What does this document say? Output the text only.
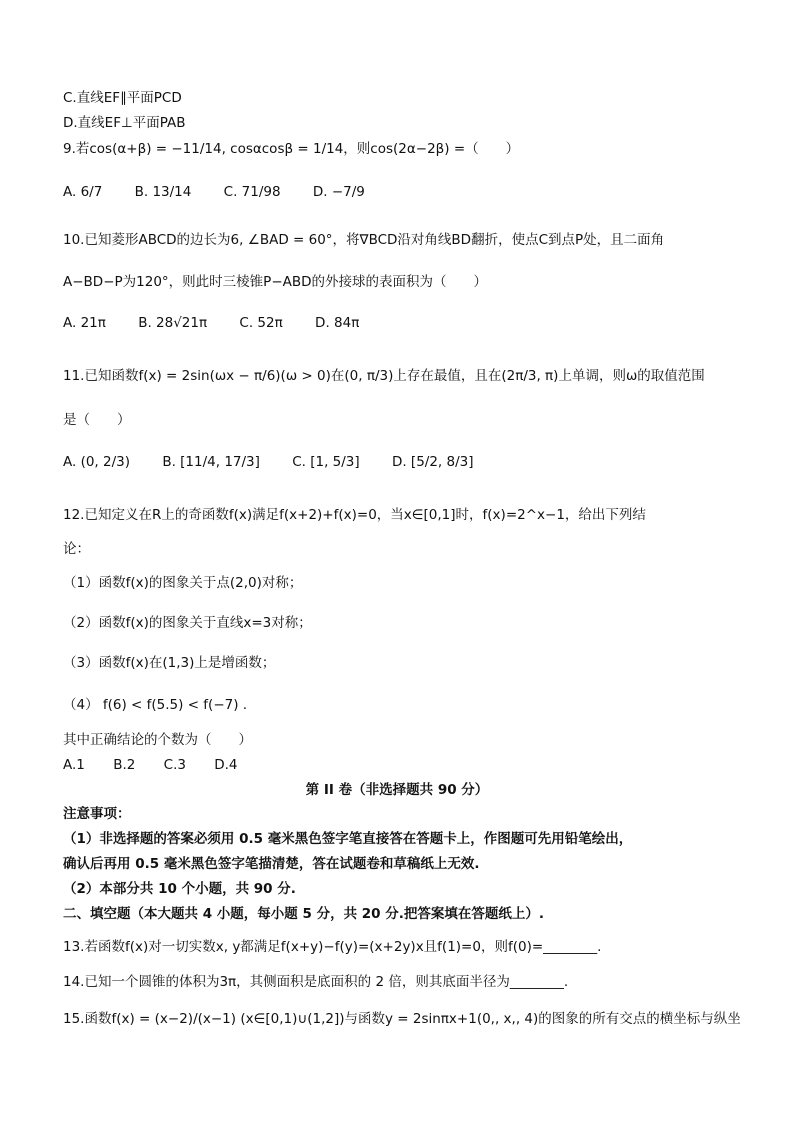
C.直线EF∥平面PCD
D.直线EF⊥平面PAB
9.若cos(α+β) = −11/14, cosαcosβ = 1/14，则cos(2α−2β) =（　　）
A. 6/7 B. 13/14 C. 71/98 D. −7/9
10.已知菱形ABCD的边长为6, ∠BAD = 60°，将∇BCD沿对角线BD翻折，使点C到点P处，且二面角
A−BD−P为120°，则此时三棱锥P−ABD的外接球的表面积为（　　）
A. 21π B. 28√21π C. 52π D. 84π
11.已知函数f(x) = 2sin(ωx − π/6)(ω > 0)在(0, π/3)上存在最值，且在(2π/3, π)上单调，则ω的取值范围
是（　　）
A. (0, 2/3) B. [11/4, 17/3] C. [1, 5/3] D. [5/2, 8/3]
12.已知定义在R上的奇函数f(x)满足f(x+2)+f(x)=0，当x∈[0,1]时，f(x)=2^x−1，给出下列结
论：
（1）函数f(x)的图象关于点(2,0)对称；
（2）函数f(x)的图象关于直线x=3对称；
（3）函数f(x)在(1,3)上是增函数；
（4） f(6) < f(5.5) < f(−7) .
其中正确结论的个数为（　　）
A.1 B.2 C.3 D.4
第 II 卷（非选择题共 90 分）
注意事项：
（1）非选择题的答案必须用 0.5 毫米黑色签字笔直接答在答题卡上，作图题可先用铅笔绘出，
确认后再用 0.5 毫米黑色签字笔描清楚，答在试题卷和草稿纸上无效.
（2）本部分共 10 个小题，共 90 分.
二、填空题（本大题共 4 小题，每小题 5 分，共 20 分.把答案填在答题纸上）.
13.若函数f(x)对一切实数x, y都满足f(x+y)−f(y)=(x+2y)x且f(1)=0，则f(0)=________.
14.已知一个圆锥的体积为3π，其侧面积是底面积的 2 倍，则其底面半径为________.
15.函数f(x) = (x−2)/(x−1) (x∈[0,1)∪(1,2])与函数y = 2sinπx+1(0,, x,, 4)的图象的所有交点的横坐标与纵坐
